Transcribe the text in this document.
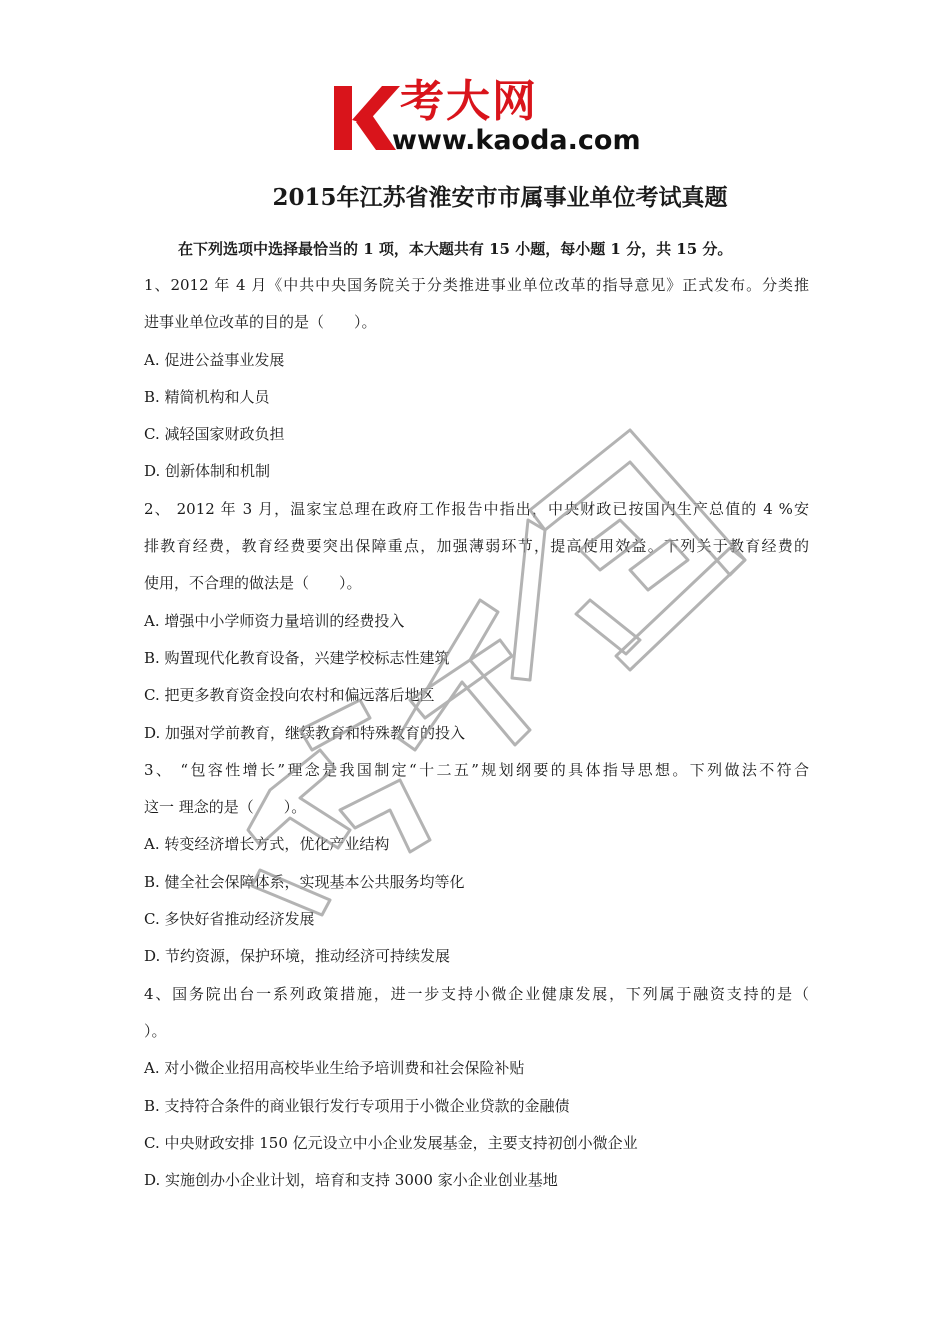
考大网
www.kaoda.com
2015年江苏省淮安市市属事业单位考试真题
在下列选项中选择最恰当的 1 项，本大题共有 15 小题，每小题 1 分，共 15 分。
1、2012 年 4 月《中共中央国务院关于分类推进事业单位改革的指导意见》正式发布。分类推
进事业单位改革的目的是（　　）。
A. 促进公益事业发展
B. 精简机构和人员
C. 减轻国家财政负担
D. 创新体制和机制
2、 2012 年 3 月，温家宝总理在政府工作报告中指出，中央财政已按国内生产总值的 4 %安
排教育经费，教育经费要突出保障重点，加强薄弱环节，提高使用效益。下列关于教育经费的
使用，不合理的做法是（　　）。
A. 增强中小学师资力量培训的经费投入
B. 购置现代化教育设备，兴建学校标志性建筑
C. 把更多教育资金投向农村和偏远落后地区
D. 加强对学前教育，继续教育和特殊教育的投入
3、 “包容性增长”理念是我国制定“十二五”规划纲要的具体指导思想。下列做法不符合
这一 理念的是（　　）。
A. 转变经济增长方式，优化产业结构
B. 健全社会保障体系，实现基本公共服务均等化
C. 多快好省推动经济发展
D. 节约资源，保护环境，推动经济可持续发展
4、国务院出台一系列政策措施，进一步支持小微企业健康发展，下列属于融资支持的是（
）。
A. 对小微企业招用高校毕业生给予培训费和社会保险补贴
B. 支持符合条件的商业银行发行专项用于小微企业贷款的金融债
C. 中央财政安排 150 亿元设立中小企业发展基金，主要支持初创小微企业
D. 实施创办小企业计划，培育和支持 3000 家小企业创业基地
